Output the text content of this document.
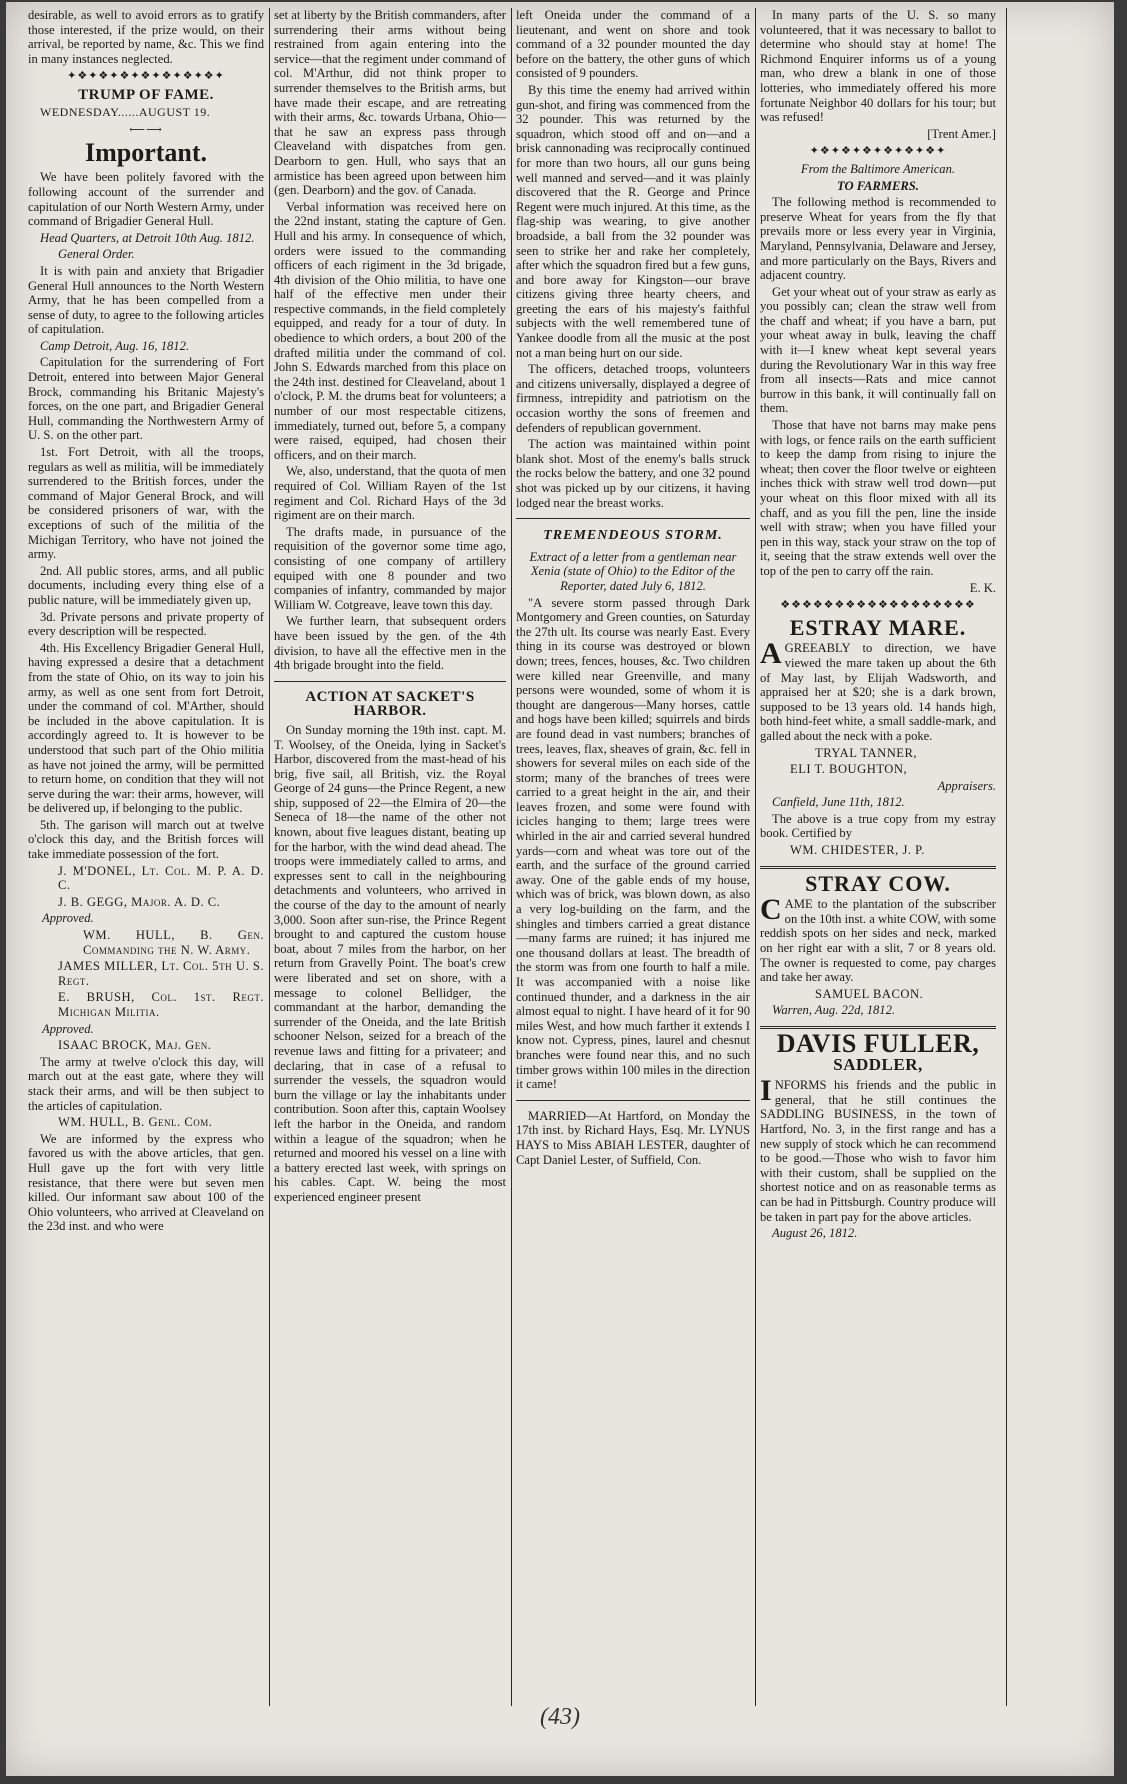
desirable, as well to avoid errors as to gratify those interested, if the prize would, on their arrival, be reported by name, &c. This we find in many instances neglected.

✦❖✦❖✦❖✦❖✦❖✦❖✦❖✦
TRUMP OF FAME.
WEDNESDAY......AUGUST 19.
⟵⟶
Important.

We have been politely favored with the following account of the surrender and capitulation of our North Western Army, under command of Brigadier General Hull.

Head Quarters, at Detroit 10th Aug. 1812.

General Order.

It is with pain and anxiety that Brigadier General Hull announces to the North Western Army, that he has been compelled from a sense of duty, to agree to the following articles of capitulation.

Camp Detroit, Aug. 16, 1812.

Capitulation for the surrendering of Fort Detroit, entered into between Major General Brock, commanding his Britanic Majesty's forces, on the one part, and Brigadier General Hull, commanding the Northwestern Army of U. S. on the other part.

1st. Fort Detroit, with all the troops, regulars as well as militia, will be immediately surrendered to the British forces, under the command of Major General Brock, and will be considered prisoners of war, with the exceptions of such of the militia of the Michigan Territory, who have not joined the army.

2nd. All public stores, arms, and all public documents, including every thing else of a public nature, will be immediately given up,

3d. Private persons and private property of every description will be respected.

4th. His Excellency Brigadier General Hull, having expressed a desire that a detachment from the state of Ohio, on its way to join his army, as well as one sent from fort Detroit, under the command of col. M'Arther, should be included in the above capitulation. It is accordingly agreed to. It is however to be understood that such part of the Ohio militia as have not joined the army, will be permitted to return home, on condition that they will not serve during the war: their arms, however, will be delivered up, if belonging to the public.

5th. The garison will march out at twelve o'clock this day, and the British forces will take immediate possession of the fort.

J. M'DONEL, Lt. Col. M. P. A. D. C.

J. B. GEGG, Major. A. D. C.

Approved.

WM. HULL, B. Gen. Commanding the N. W. Army.

JAMES MILLER, Lt. Col. 5th U. S. Regt.

E. BRUSH, Col. 1st. Regt. Michigan Militia.

Approved.

ISAAC BROCK, Maj. Gen.

The army at twelve o'clock this day, will march out at the east gate, where they will stack their arms, and will be then subject to the articles of capitulation.

WM. HULL, B. Genl. Com.

We are informed by the express who favored us with the above articles, that gen. Hull gave up the fort with very little resistance, that there were but seven men killed. Our informant saw about 100 of the Ohio volunteers, who arrived at Cleaveland on the 23d inst. and who were

set at liberty by the British commanders, after surrendering their arms without being restrained from again entering into the service—that the regiment under command of col. M'Arthur, did not think proper to surrender themselves to the British arms, but have made their escape, and are retreating with their arms, &c. towards Urbana, Ohio—that he saw an express pass through Cleaveland with dispatches from gen. Dearborn to gen. Hull, who says that an armistice has been agreed upon between him (gen. Dearborn) and the gov. of Canada.

Verbal information was received here on the 22nd instant, stating the capture of Gen. Hull and his army. In consequence of which, orders were issued to the commanding officers of each rigiment in the 3d brigade, 4th division of the Ohio militia, to have one half of the effective men under their respective commands, in the field completely equipped, and ready for a tour of duty. In obedience to which orders, a bout 200 of the drafted militia under the command of col. John S. Edwards marched from this place on the 24th inst. destined for Cleaveland, about 1 o'clock, P. M. the drums beat for volunteers; a number of our most respectable citizens, immediately, turned out, before 5, a company were raised, equiped, had chosen their officers, and on their march.

We, also, understand, that the quota of men required of Col. William Rayen of the 1st regiment and Col. Richard Hays of the 3d rigiment are on their march.

The drafts made, in pursuance of the requisition of the governor some time ago, consisting of one company of artillery equiped with one 8 pounder and two companies of infantry, commanded by major William W. Cotgreave, leave town this day.

We further learn, that subsequent orders have been issued by the gen. of the 4th division, to have all the effective men in the 4th brigade brought into the field.

ACTION AT SACKET'S HARBOR.

On Sunday morning the 19th inst. capt. M. T. Woolsey, of the Oneida, lying in Sacket's Harbor, discovered from the mast-head of his brig, five sail, all British, viz. the Royal George of 24 guns—the Prince Regent, a new ship, supposed of 22—the Elmira of 20—the Seneca of 18—the name of the other not known, about five leagues distant, beating up for the harbor, with the wind dead ahead. The troops were immediately called to arms, and expresses sent to call in the neighbouring detachments and volunteers, who arrived in the course of the day to the amount of nearly 3,000. Soon after sun-rise, the Prince Regent brought to and captured the custom house boat, about 7 miles from the harbor, on her return from Gravelly Point. The boat's crew were liberated and set on shore, with a message to colonel Bellidger, the commandant at the harbor, demanding the surrender of the Oneida, and the late British schooner Nelson, seized for a breach of the revenue laws and fitting for a privateer; and declaring, that in case of a refusal to surrender the vessels, the squadron would burn the village or lay the inhabitants under contribution. Soon after this, captain Woolsey left the harbor in the Oneida, and random within a league of the squadron; when he returned and moored his vessel on a line with a battery erected last week, with springs on his cables. Capt. W. being the most experienced engineer present

left Oneida under the command of a lieutenant, and went on shore and took command of a 32 pounder mounted the day before on the battery, the other guns of which consisted of 9 pounders.

By this time the enemy had arrived within gun-shot, and firing was commenced from the 32 pounder. This was returned by the squadron, which stood off and on—and a brisk cannonading was reciprocally continued for more than two hours, all our guns being well manned and served—and it was plainly discovered that the R. George and Prince Regent were much injured. At this time, as the flag-ship was wearing, to give another broadside, a ball from the 32 pounder was seen to strike her and rake her completely, after which the squadron fired but a few guns, and bore away for Kingston—our brave citizens giving three hearty cheers, and greeting the ears of his majesty's faithful subjects with the well remembered tune of Yankee doodle from all the music at the post not a man being hurt on our side.

The officers, detached troops, volunteers and citizens universally, displayed a degree of firmness, intrepidity and patriotism on the occasion worthy the sons of freemen and defenders of republican government.

The action was maintained within point blank shot. Most of the enemy's balls struck the rocks below the battery, and one 32 pound shot was picked up by our citizens, it having lodged near the breast works.

TREMENDEOUS STORM.

Extract of a letter from a gentleman near Xenia (state of Ohio) to the Editor of the Reporter, dated July 6, 1812.

"A severe storm passed through Dark Montgomery and Green counties, on Saturday the 27th ult. Its course was nearly East. Every thing in its course was destroyed or blown down; trees, fences, houses, &c. Two children were killed near Greenville, and many persons were wounded, some of whom it is thought are dangerous—Many horses, cattle and hogs have been killed; squirrels and birds are found dead in vast numbers; branches of trees, leaves, flax, sheaves of grain, &c. fell in showers for several miles on each side of the storm; many of the branches of trees were carried to a great height in the air, and their leaves frozen, and some were found with icicles hanging to them; large trees were whirled in the air and carried several hundred yards—corn and wheat was tore out of the earth, and the surface of the ground carried away. One of the gable ends of my house, which was of brick, was blown down, as also a very log-building on the farm, and the shingles and timbers carried a great distance—many farms are ruined; it has injured me one thousand dollars at least. The breadth of the storm was from one fourth to half a mile. It was accompanied with a noise like continued thunder, and a darkness in the air almost equal to night. I have heard of it for 90 miles West, and how much farther it extends I know not. Cypress, pines, laurel and chesnut branches were found near this, and no such timber grows within 100 miles in the direction it came!

MARRIED—At Hartford, on Monday the 17th inst. by Richard Hays, Esq. Mr. LYNUS HAYS to Miss ABIAH LESTER, daughter of Capt Daniel Lester, of Suffield, Con.

In many parts of the U. S. so many volunteered, that it was necessary to ballot to determine who should stay at home! The Richmond Enquirer informs us of a young man, who drew a blank in one of those lotteries, who immediately offered his more fortunate Neighbor 40 dollars for his tour; but was refused!

[Trent Amer.]

✦❖✦❖✦❖✦❖✦❖✦❖✦

From the Baltimore American.

TO FARMERS.

The following method is recommended to preserve Wheat for years from the fly that prevails more or less every year in Virginia, Maryland, Pennsylvania, Delaware and Jersey, and more particularly on the Bays, Rivers and adjacent country.

Get your wheat out of your straw as early as you possibly can; clean the straw well from the chaff and wheat; if you have a barn, put your wheat away in bulk, leaving the chaff with it—I knew wheat kept several years during the Revolutionary War in this way free from all insects—Rats and mice cannot burrow in this bank, it will continually fall on them.

Those that have not barns may make pens with logs, or fence rails on the earth sufficient to keep the damp from rising to injure the wheat; then cover the floor twelve or eighteen inches thick with straw well trod down—put your wheat on this floor mixed with all its chaff, and as you fill the pen, line the inside well with straw; when you have filled your pen in this way, stack your straw on the top of it, seeing that the straw extends well over the top of the pen to carry off the rain.

E. K.

❖❖❖❖❖❖❖❖❖❖❖❖❖❖❖❖❖❖
ESTRAY MARE.

AGREEABLY to direction, we have viewed the mare taken up about the 6th of May last, by Elijah Wadsworth, and appraised her at $20; she is a dark brown, supposed to be 13 years old. 14 hands high, both hind-feet white, a small saddle-mark, and galled about the neck with a poke.

TRYAL TANNER,

ELI T. BOUGHTON,

Appraisers.

Canfield, June 11th, 1812.

The above is a true copy from my estray book. Certified by

WM. CHIDESTER, J. P.

STRAY COW.

CAME to the plantation of the subscriber on the 10th inst. a white COW, with some reddish spots on her sides and neck, marked on her right ear with a slit, 7 or 8 years old. The owner is requested to come, pay charges and take her away.

SAMUEL BACON.

Warren, Aug. 22d, 1812.

DAVIS FULLER,
SADDLER,

INFORMS his friends and the public in general, that he still continues the SADDLING BUSINESS, in the town of Hartford, No. 3, in the first range and has a new supply of stock which he can recommend to be good.—Those who wish to favor him with their custom, shall be supplied on the shortest notice and on as reasonable terms as can be had in Pittsburgh. Country produce will be taken in part pay for the above articles.

August 26, 1812.

(43)
